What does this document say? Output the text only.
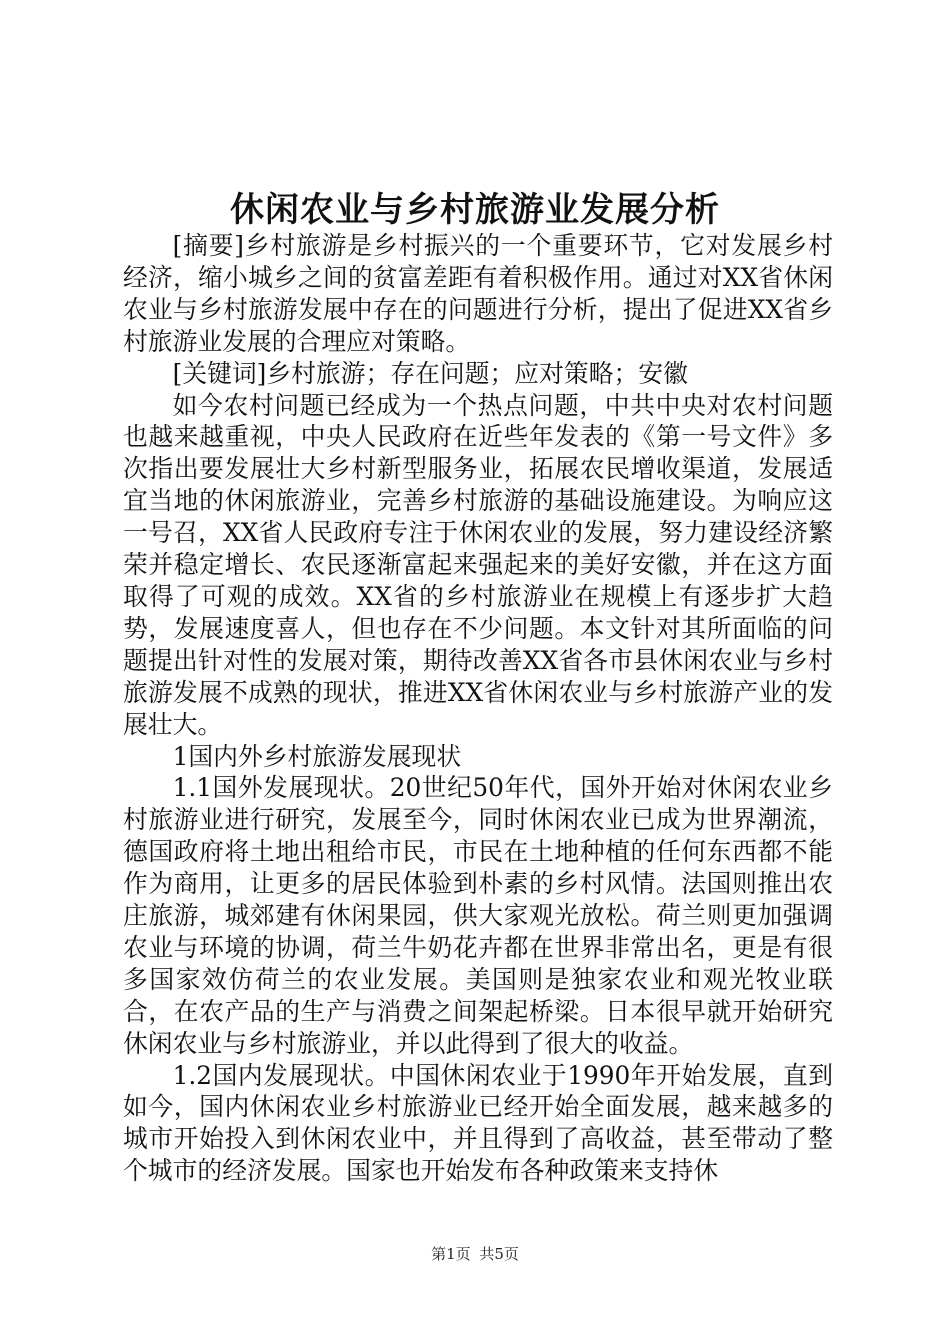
休闲农业与乡村旅游业发展分析

[摘要]乡村旅游是乡村振兴的一个重要环节，它对发展乡村经济，缩小城乡之间的贫富差距有着积极作用。通过对XX省休闲农业与乡村旅游发展中存在的问题进行分析，提出了促进XX省乡村旅游业发展的合理应对策略。

[关键词]乡村旅游；存在问题；应对策略；安徽

如今农村问题已经成为一个热点问题，中共中央对农村问题也越来越重视，中央人民政府在近些年发表的《第一号文件》多次指出要发展壮大乡村新型服务业，拓展农民增收渠道，发展适宜当地的休闲旅游业，完善乡村旅游的基础设施建设。为响应这一号召，XX省人民政府专注于休闲农业的发展，努力建设经济繁荣并稳定增长、农民逐渐富起来强起来的美好安徽，并在这方面取得了可观的成效。XX省的乡村旅游业在规模上有逐步扩大趋势，发展速度喜人，但也存在不少问题。本文针对其所面临的问题提出针对性的发展对策，期待改善XX省各市县休闲农业与乡村旅游发展不成熟的现状，推进XX省休闲农业与乡村旅游产业的发展壮大。

1国内外乡村旅游发展现状

1.1国外发展现状。20世纪50年代，国外开始对休闲农业乡村旅游业进行研究，发展至今，同时休闲农业已成为世界潮流，德国政府将土地出租给市民，市民在土地种植的任何东西都不能作为商用，让更多的居民体验到朴素的乡村风情。法国则推出农庄旅游，城郊建有休闲果园，供大家观光放松。荷兰则更加强调农业与环境的协调，荷兰牛奶花卉都在世界非常出名，更是有很多国家效仿荷兰的农业发展。美国则是独家农业和观光牧业联合，在农产品的生产与消费之间架起桥梁。日本很早就开始研究休闲农业与乡村旅游业，并以此得到了很大的收益。

1.2国内发展现状。中国休闲农业于1990年开始发展，直到如今，国内休闲农业乡村旅游业已经开始全面发展，越来越多的城市开始投入到休闲农业中，并且得到了高收益，甚至带动了整个城市的经济发展。国家也开始发布各种政策来支持休

第1页 共5页
